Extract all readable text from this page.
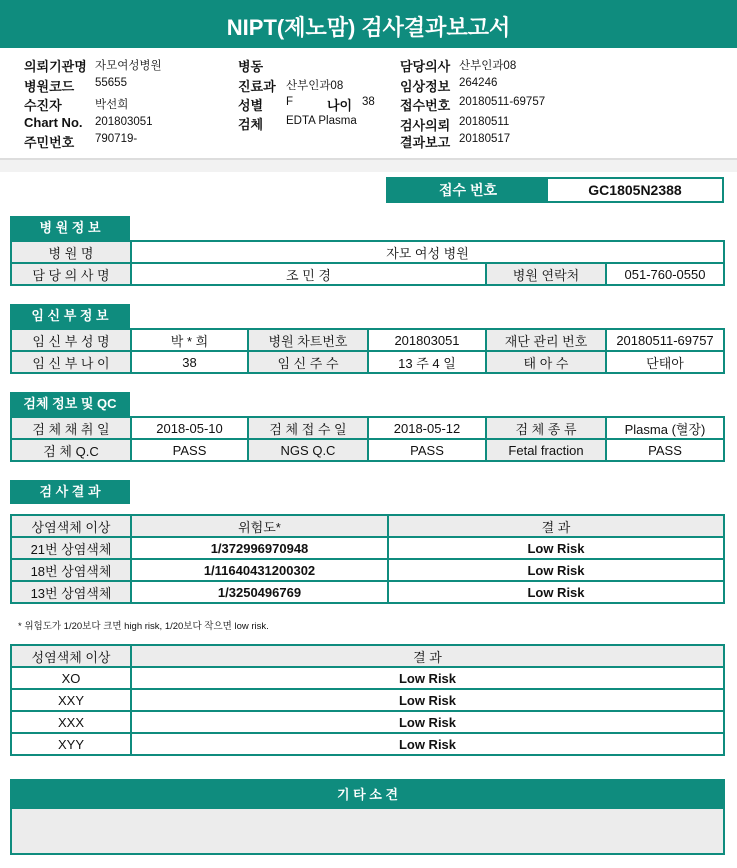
NIPT(제노맘) 검사결과보고서
의뢰기관명 자모여성병원
병원코드 55655
수진자	박선희
Chart No. 201803051
주민번호 790719-
병동
진료과 산부인과08
성별 F	나이 38
검체 EDTA Plasma
담당의사 산부인과08
임상정보 264246
접수번호 20180511-69757
검사의뢰 20180511
결과보고 20180517
접수 번호	GC1805N2388
병 원 정 보
병 원 명	자모 여성 병원		
담 당 의 사 명	조 민 경	병원 연락처	051-760-0550
임 신 부 정 보
임 신 부 성 명	박 * 희	병원 차트번호	201803051	재단 관리 번호	20180511-69757
임 신 부 나 이	38	임 신 주 수	13 주 4 일	태 아 수	단태아
검체 정보 및 QC
검 체 채 취 일	2018-05-10	검 체 접 수 일	2018-05-12	검 체 종 류	Plasma (혈장)
검 체 Q.C	PASS	NGS Q.C	PASS	Fetal fraction	PASS
검 사 결 과
상염색체 이상	위험도*	결 과
21번 상염색체	1/372996970948	Low Risk
18번 상염색체	1/11640431200302	Low Risk
13번 상염색체	1/3250496769	Low Risk
* 위험도가 1/20보다 크면 high risk, 1/20보다 작으면 low risk.
성염색체 이상	결 과
XO	Low Risk
XXY	Low Risk
XXX	Low Risk
XYY	Low Risk
기 타 소 견
